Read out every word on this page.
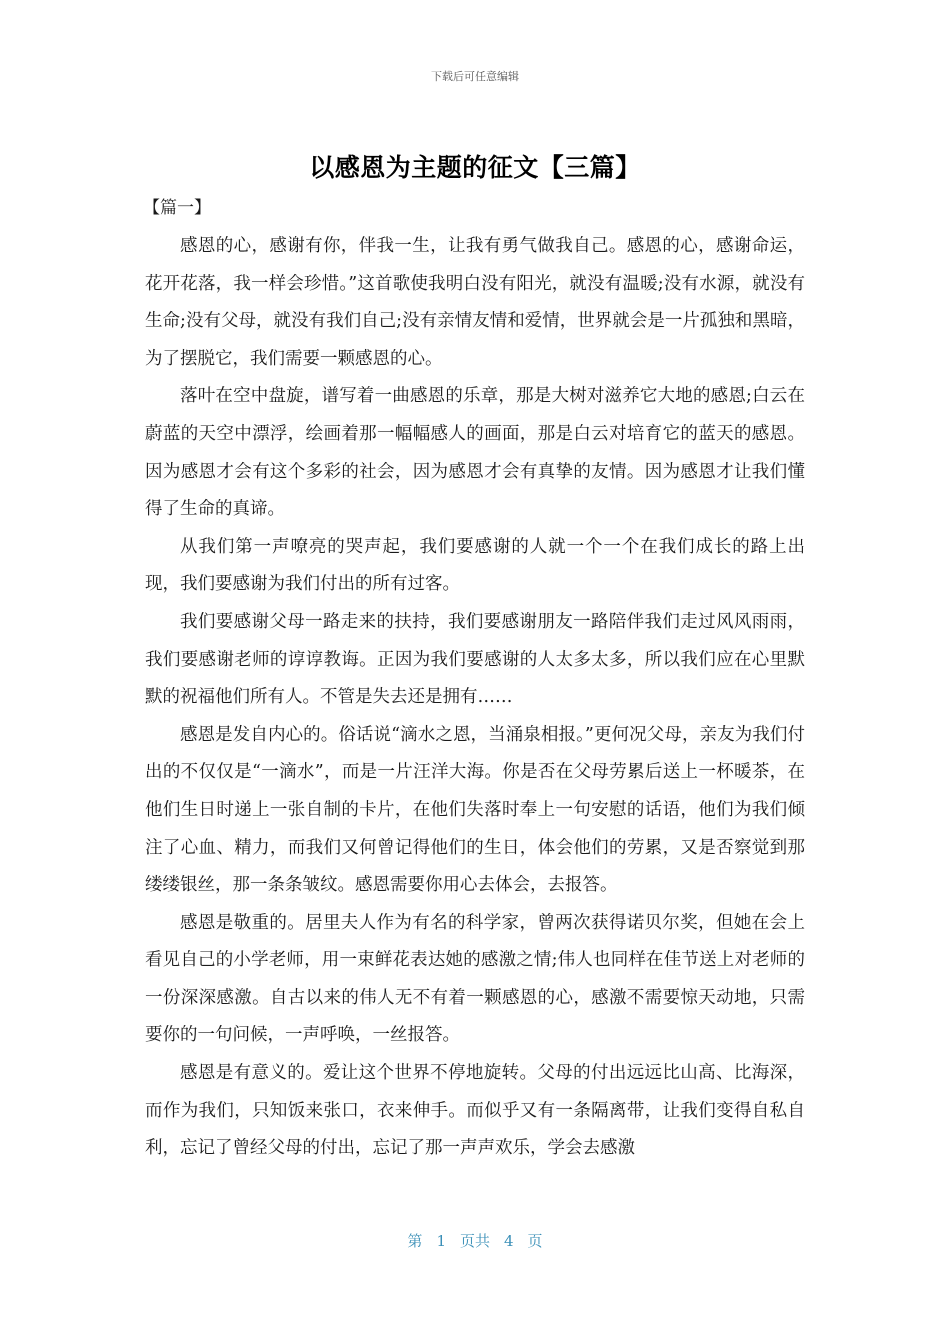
下载后可任意编辑
以感恩为主题的征文【三篇】
【篇一】

感恩的心，感谢有你，伴我一生，让我有勇气做我自己。感恩的心，感谢命运，花开花落，我一样会珍惜。”这首歌使我明白没有阳光，就没有温暖;没有水源，就没有生命;没有父母，就没有我们自己;没有亲情友情和爱情，世界就会是一片孤独和黑暗，为了摆脱它，我们需要一颗感恩的心。

落叶在空中盘旋，谱写着一曲感恩的乐章，那是大树对滋养它大地的感恩;白云在蔚蓝的天空中漂浮，绘画着那一幅幅感人的画面，那是白云对培育它的蓝天的感恩。因为感恩才会有这个多彩的社会，因为感恩才会有真挚的友情。因为感恩才让我们懂得了生命的真谛。

从我们第一声嘹亮的哭声起，我们要感谢的人就一个一个在我们成长的路上出现，我们要感谢为我们付出的所有过客。

我们要感谢父母一路走来的扶持，我们要感谢朋友一路陪伴我们走过风风雨雨，我们要感谢老师的谆谆教诲。正因为我们要感谢的人太多太多，所以我们应在心里默默的祝福他们所有人。不管是失去还是拥有……

感恩是发自内心的。俗话说“滴水之恩，当涌泉相报。”更何况父母，亲友为我们付出的不仅仅是“一滴水”，而是一片汪洋大海。你是否在父母劳累后送上一杯暖茶，在他们生日时递上一张自制的卡片，在他们失落时奉上一句安慰的话语，他们为我们倾注了心血、精力，而我们又何曾记得他们的生日，体会他们的劳累，又是否察觉到那缕缕银丝，那一条条皱纹。感恩需要你用心去体会，去报答。

感恩是敬重的。居里夫人作为有名的科学家，曾两次获得诺贝尔奖，但她在会上看见自己的小学老师，用一束鲜花表达她的感激之情;伟人也同样在佳节送上对老师的一份深深感激。自古以来的伟人无不有着一颗感恩的心，感激不需要惊天动地，只需要你的一句问候，一声呼唤，一丝报答。

感恩是有意义的。爱让这个世界不停地旋转。父母的付出远远比山高、比海深，而作为我们，只知饭来张口，衣来伸手。而似乎又有一条隔离带，让我们变得自私自利，忘记了曾经父母的付出，忘记了那一声声欢乐，学会去感激

第 1 页共 4 页
